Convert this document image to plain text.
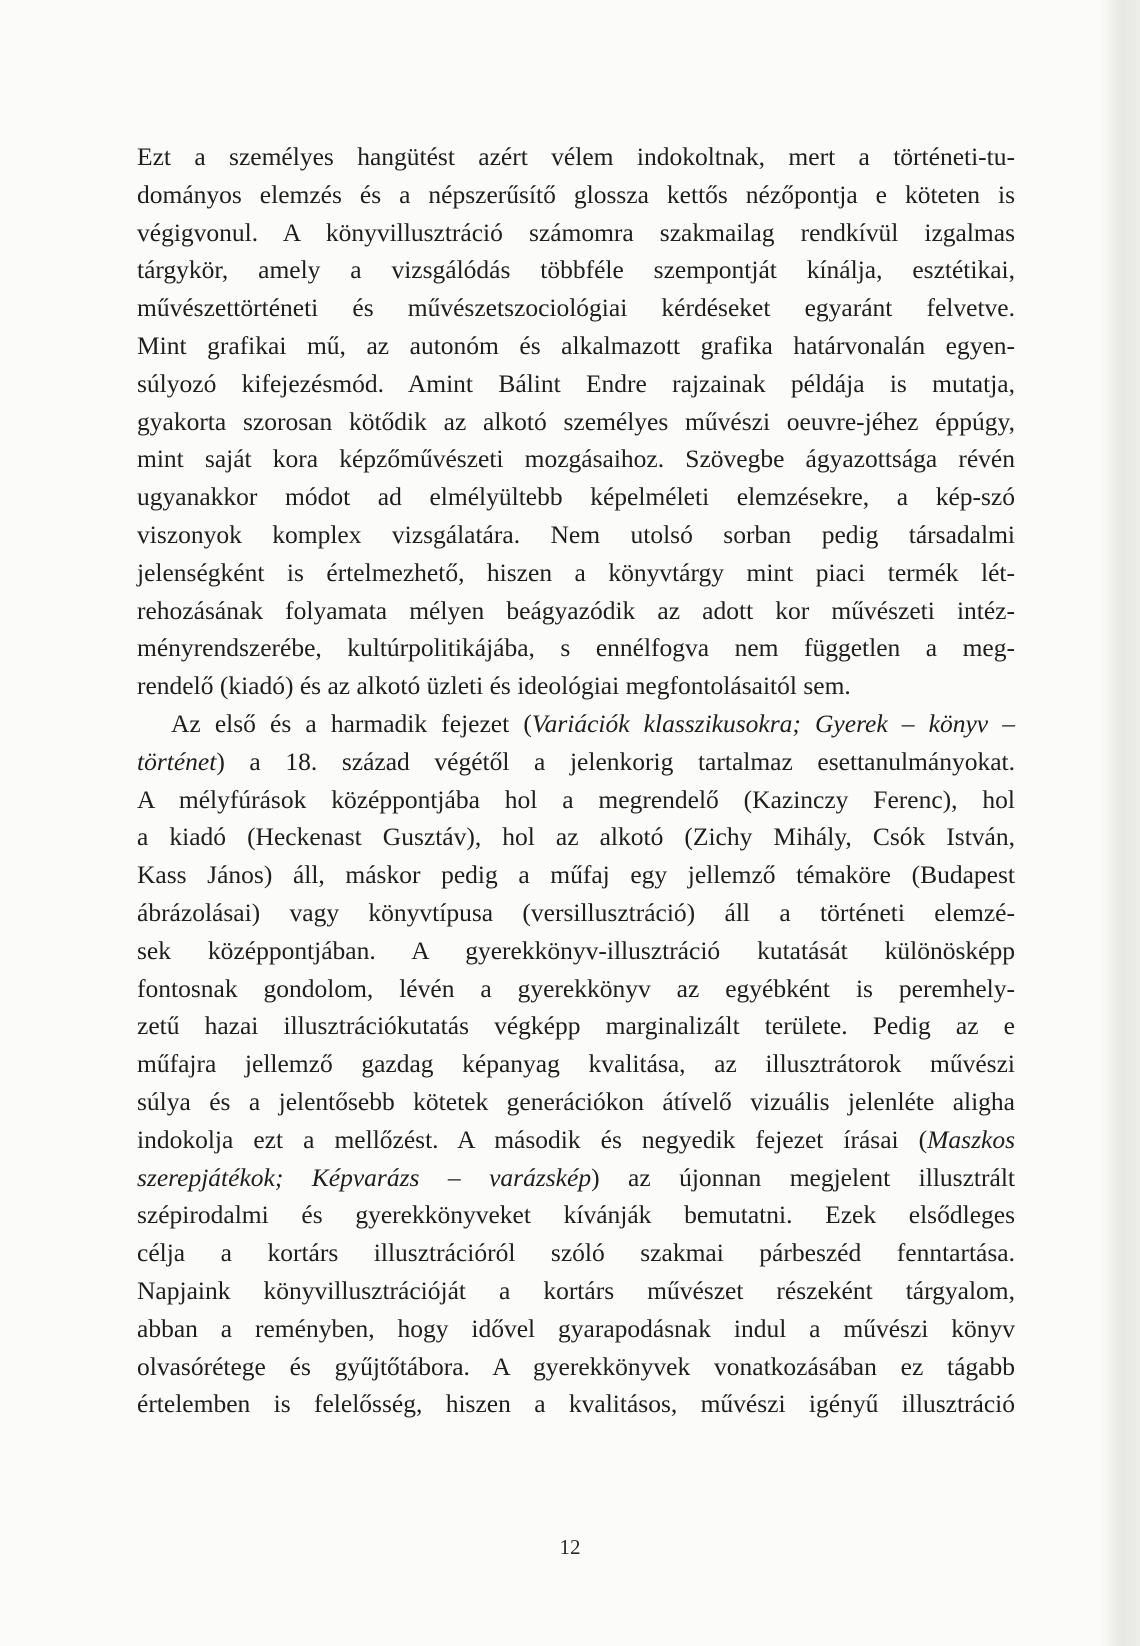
Ezt a személyes hangütést azért vélem indokoltnak, mert a történeti-tu-
dományos elemzés és a népszerűsítő glossza kettős nézőpontja e köteten is
végigvonul. A könyvillusztráció számomra szakmailag rendkívül izgalmas
tárgykör, amely a vizsgálódás többféle szempontját kínálja, esztétikai,
művészettörténeti és művészetszociológiai kérdéseket egyaránt felvetve.
Mint grafikai mű, az autonóm és alkalmazott grafika határvonalán egyen-
súlyozó kifejezésmód. Amint Bálint Endre rajzainak példája is mutatja,
gyakorta szorosan kötődik az alkotó személyes művészi oeuvre-jéhez éppúgy,
mint saját kora képzőművészeti mozgásaihoz. Szövegbe ágyazottsága révén
ugyanakkor módot ad elmélyültebb képelméleti elemzésekre, a kép-szó
viszonyok komplex vizsgálatára. Nem utolsó sorban pedig társadalmi
jelenségként is értelmezhető, hiszen a könyvtárgy mint piaci termék lét-
rehozásának folyamata mélyen beágyazódik az adott kor művészeti intéz-
ményrendszerébe, kultúrpolitikájába, s ennélfogva nem független a meg-
rendelő (kiadó) és az alkotó üzleti és ideológiai megfontolásaitól sem.
Az első és a harmadik fejezet (Variációk klasszikusokra; Gyerek – könyv –
történet) a 18. század végétől a jelenkorig tartalmaz esettanulmányokat.
A mélyfúrások középpontjába hol a megrendelő (Kazinczy Ferenc), hol
a kiadó (Heckenast Gusztáv), hol az alkotó (Zichy Mihály, Csók István,
Kass János) áll, máskor pedig a műfaj egy jellemző témaköre (Budapest
ábrázolásai) vagy könyvtípusa (versillusztráció) áll a történeti elemzé-
sek középpontjában. A gyerekkönyv-illusztráció kutatását különösképp
fontosnak gondolom, lévén a gyerekkönyv az egyébként is peremhely-
zetű hazai illusztrációkutatás végképp marginalizált területe. Pedig az e
műfajra jellemző gazdag képanyag kvalitása, az illusztrátorok művészi
súlya és a jelentősebb kötetek generációkon átívelő vizuális jelenléte aligha
indokolja ezt a mellőzést. A második és negyedik fejezet írásai (Maszkos
szerepjátékok; Képvarázs – varázskép) az újonnan megjelent illusztrált
szépirodalmi és gyerekkönyveket kívánják bemutatni. Ezek elsődleges
célja a kortárs illusztrációról szóló szakmai párbeszéd fenntartása.
Napjaink könyvillusztrációját a kortárs művészet részeként tárgyalom,
abban a reményben, hogy idővel gyarapodásnak indul a művészi könyv
olvasórétege és gyűjtőtábora. A gyerekkönyvek vonatkozásában ez tágabb
értelemben is felelősség, hiszen a kvalitásos, művészi igényű illusztráció
12
